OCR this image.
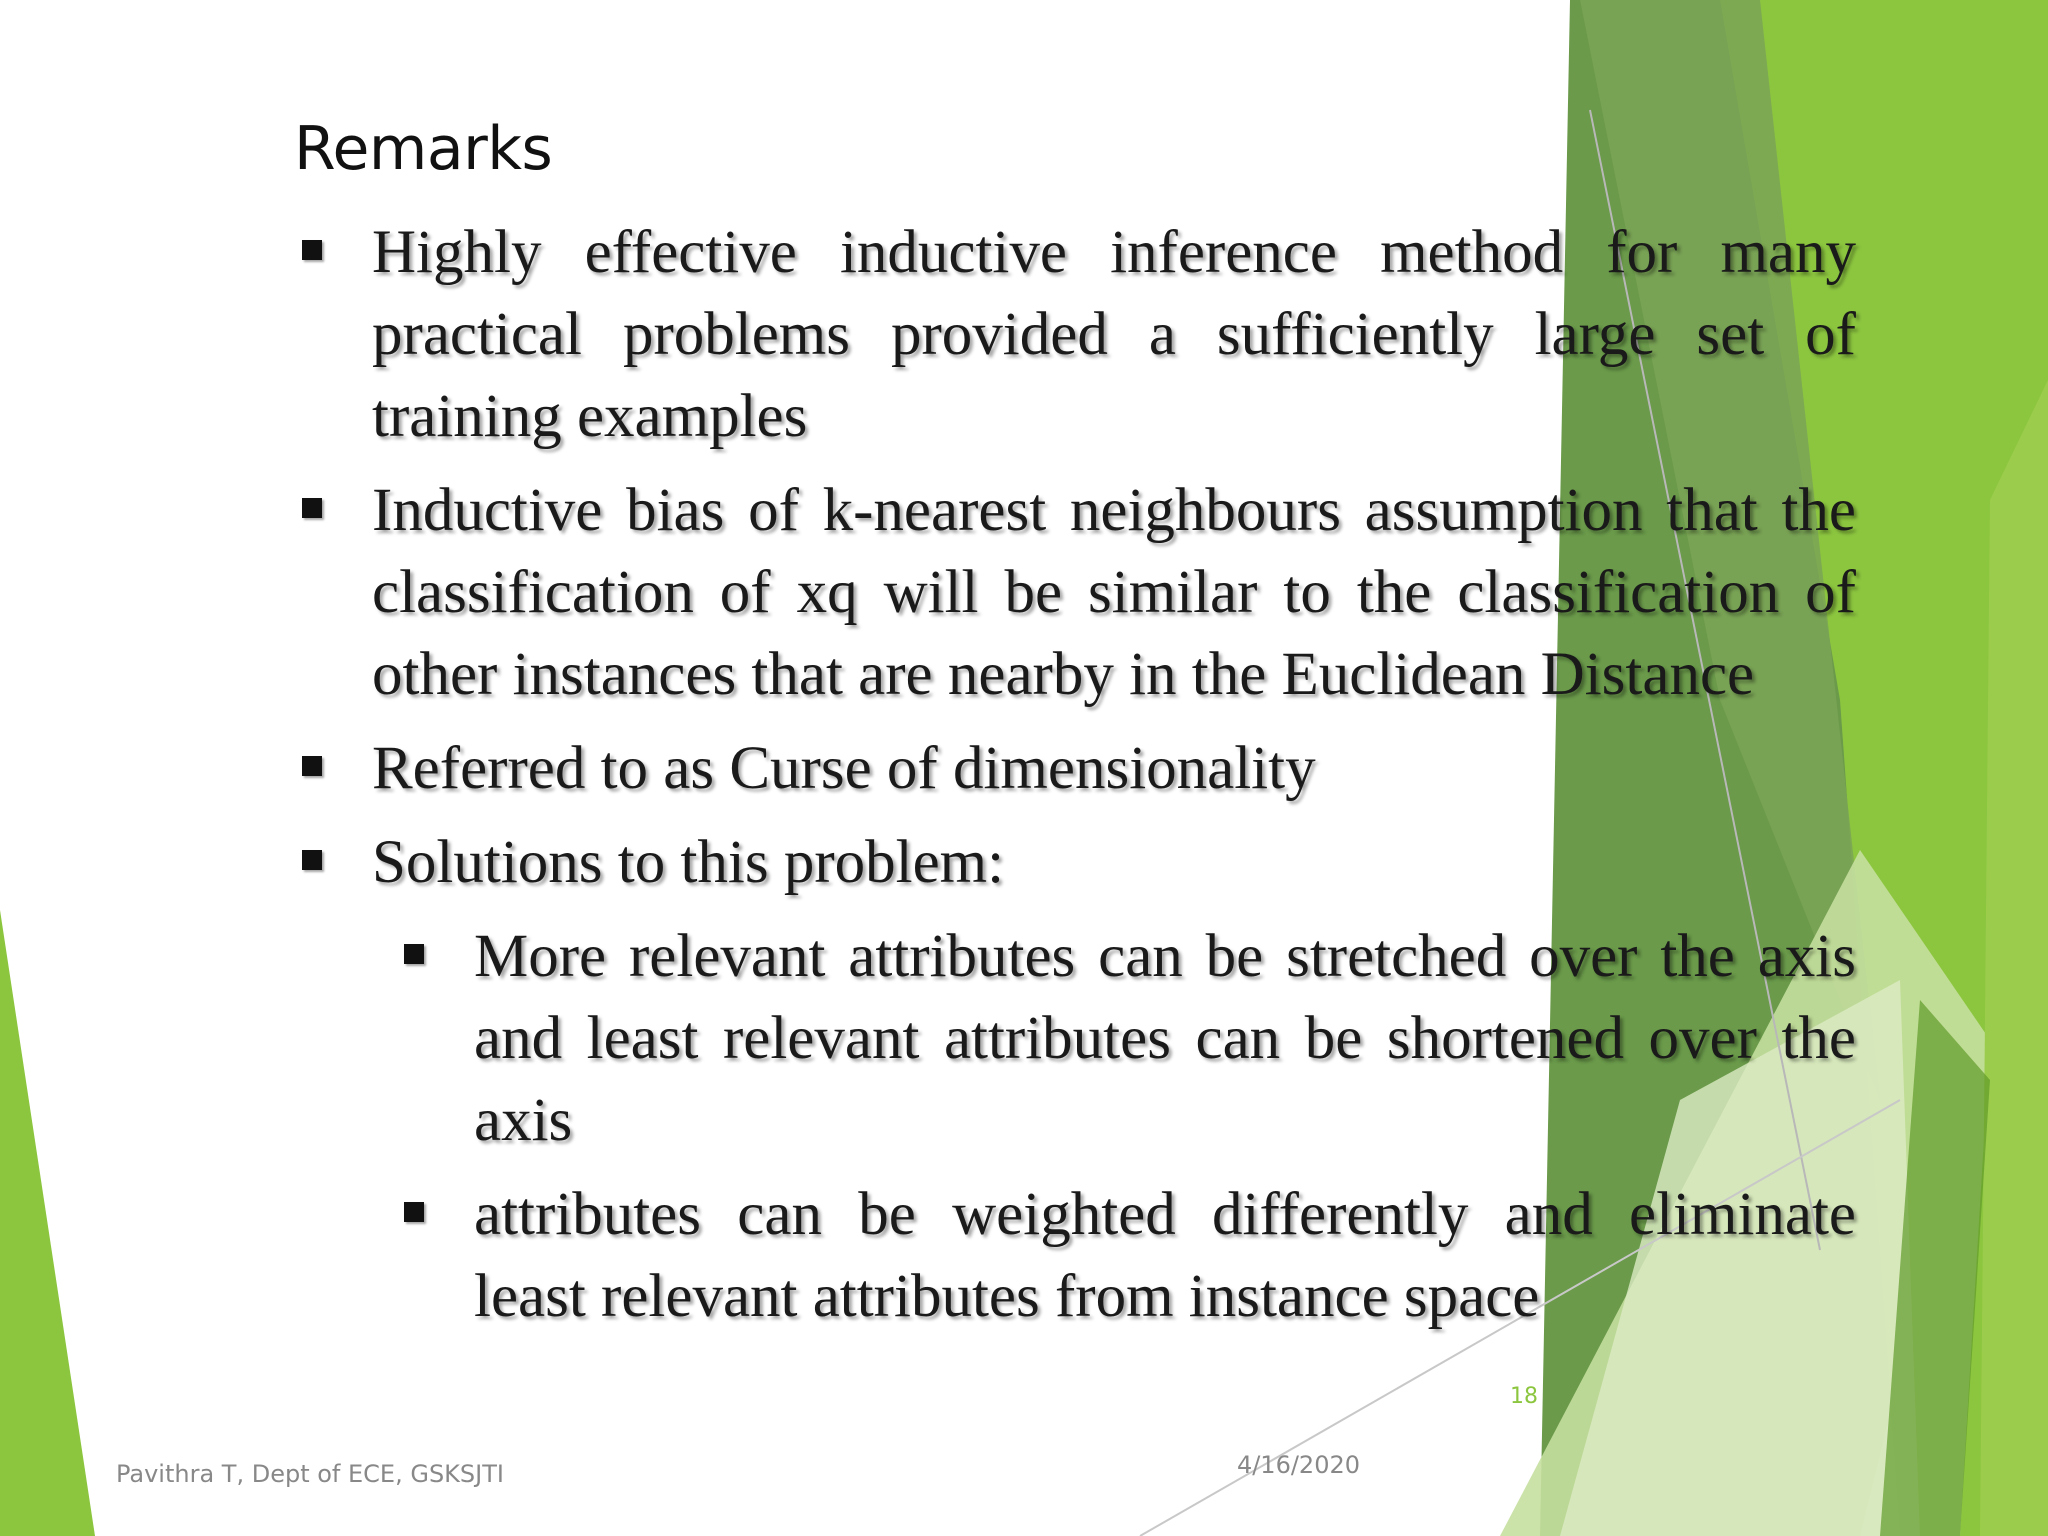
Remarks
Highly effective inductive inference method for many practical problems provided a sufficiently large set of training examples
Inductive bias of k-nearest neighbours assumption that the classification of xq will be similar to the classification of other instances that are nearby in the Euclidean Distance
Referred to as Curse of dimensionality
Solutions to this problem:
More relevant attributes can be stretched over the axis and least relevant attributes can be shortened over the axis
attributes can be weighted differently and eliminate least relevant attributes from instance space
18
Pavithra T, Dept of ECE, GSKSJTI	4/16/2020
